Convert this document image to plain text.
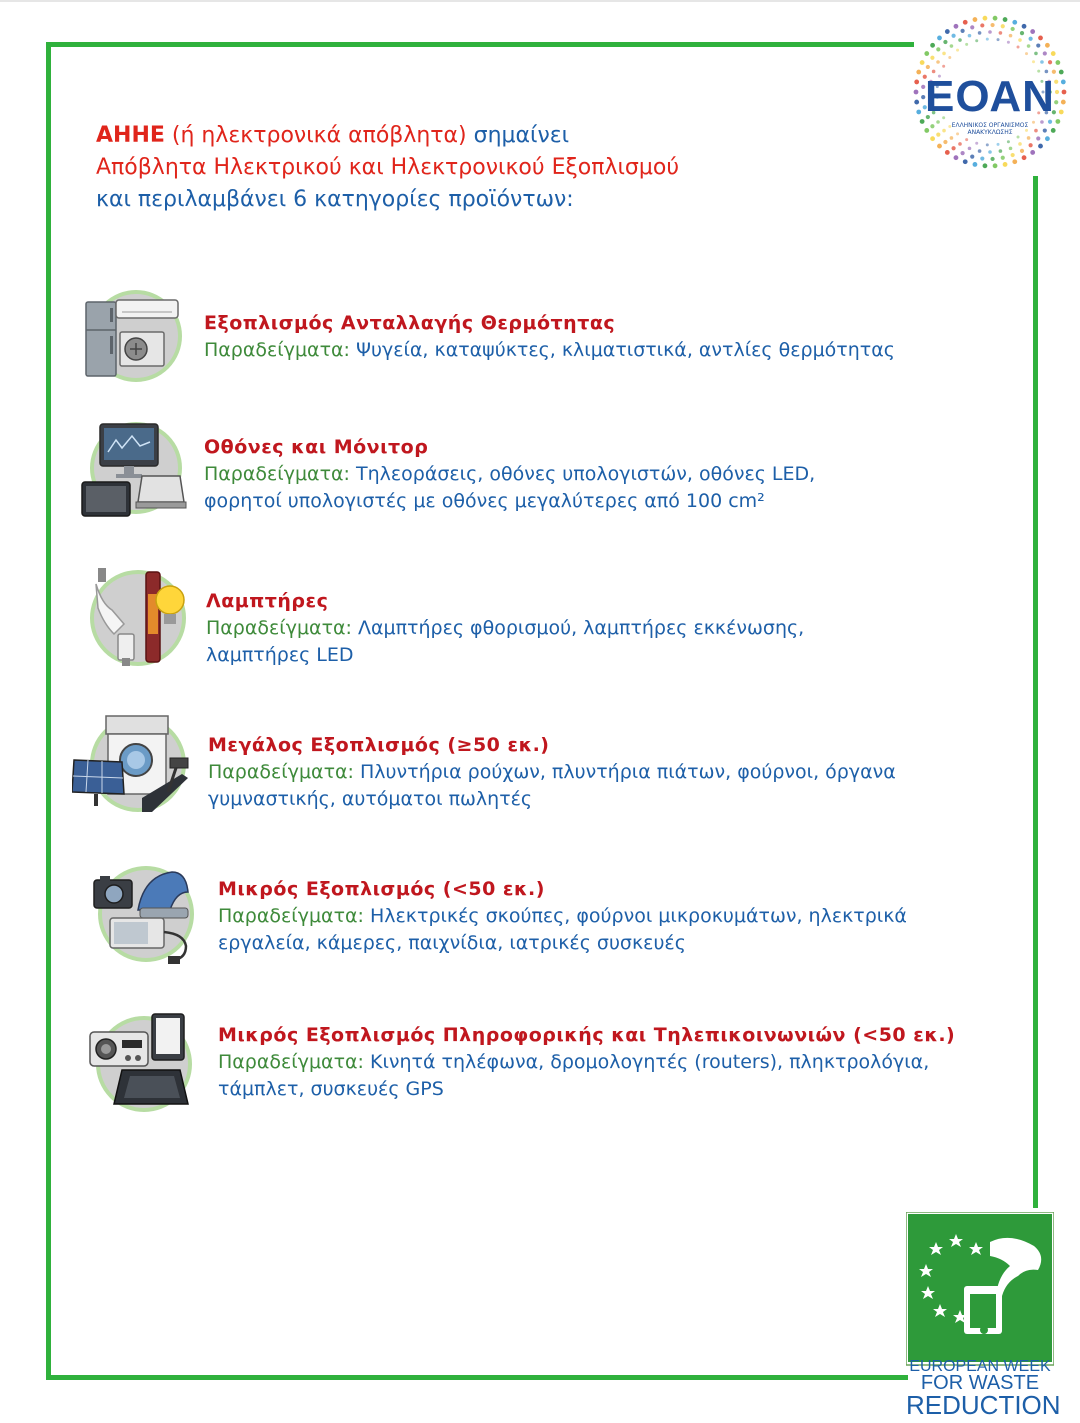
ΕΟΑΝ
ΕΛΛΗΝΙΚΟΣ ΟΡΓΑΝΙΣΜΟΣ ΑΝΑΚΥΚΛΩΣΗΣ
ΑΗΗΕ (ή ηλεκτρονικά απόβλητα) σημαίνει
Απόβλητα Ηλεκτρικού και Ηλεκτρονικού Εξοπλισμού
και περιλαμβάνει 6 κατηγορίες προϊόντων:
Εξοπλισμός Ανταλλαγής Θερμότητας
Παραδείγματα: Ψυγεία, καταψύκτες, κλιματιστικά, αντλίες θερμότητας
Οθόνες και Μόνιτορ
Παραδείγματα: Τηλεοράσεις, οθόνες υπολογιστών, οθόνες LED,
φορητοί υπολογιστές με οθόνες μεγαλύτερες από 100 cm²
Λαμπτήρες
Παραδείγματα: Λαμπτήρες φθορισμού, λαμπτήρες εκκένωσης,
λαμπτήρες LED
Μεγάλος Εξοπλισμός (≥50 εκ.)
Παραδείγματα: Πλυντήρια ρούχων, πλυντήρια πιάτων, φούρνοι, όργανα
γυμναστικής, αυτόματοι πωλητές
Μικρός Εξοπλισμός (<50 εκ.)
Παραδείγματα: Ηλεκτρικές σκούπες, φούρνοι μικροκυμάτων, ηλεκτρικά
εργαλεία, κάμερες, παιχνίδια, ιατρικές συσκευές
Μικρός Εξοπλισμός Πληροφορικής και Τηλεπικοινωνιών (<50 εκ.)
Παραδείγματα: Κινητά τηλέφωνα, δρομολογητές (routers), πληκτρολόγια,
τάμπλετ, συσκευές GPS
EUROPEAN WEEK
FOR WASTE
REDUCTION
